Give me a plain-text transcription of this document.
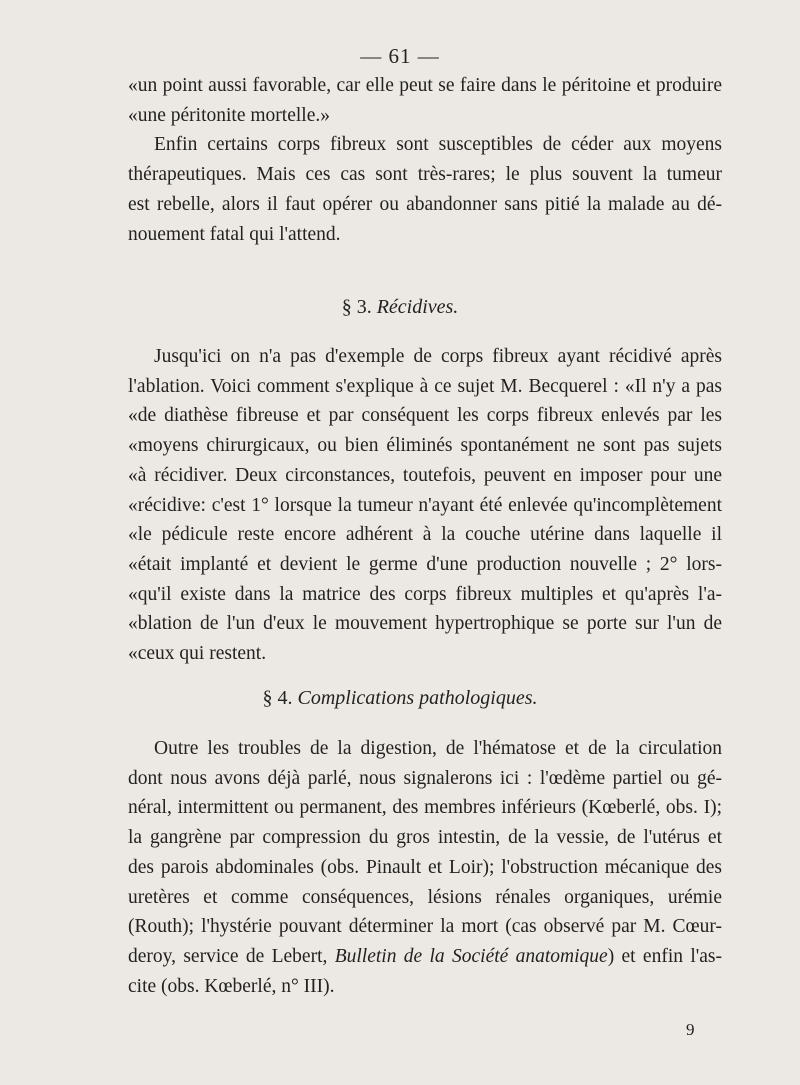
— 61 —

«un point aussi favorable, car elle peut se faire dans le péritoine et produire
«une péritonite mortelle.»

Enfin certains corps fibreux sont susceptibles de céder aux moyens
thérapeutiques. Mais ces cas sont très-rares; le plus souvent la tumeur
est rebelle, alors il faut opérer ou abandonner sans pitié la malade au dé-
nouement fatal qui l'attend.

§ 3. Récidives.

Jusqu'ici on n'a pas d'exemple de corps fibreux ayant récidivé après
l'ablation. Voici comment s'explique à ce sujet M. Becquerel : «Il n'y a pas
«de diathèse fibreuse et par conséquent les corps fibreux enlevés par les
«moyens chirurgicaux, ou bien éliminés spontanément ne sont pas sujets
«à récidiver. Deux circonstances, toutefois, peuvent en imposer pour une
«récidive: c'est 1° lorsque la tumeur n'ayant été enlevée qu'incomplètement
«le pédicule reste encore adhérent à la couche utérine dans laquelle il
«était implanté et devient le germe d'une production nouvelle ; 2° lors-
«qu'il existe dans la matrice des corps fibreux multiples et qu'après l'a-
«blation de l'un d'eux le mouvement hypertrophique se porte sur l'un de
«ceux qui restent.

§ 4. Complications pathologiques.

Outre les troubles de la digestion, de l'hématose et de la circulation
dont nous avons déjà parlé, nous signalerons ici : l'œdème partiel ou gé-
néral, intermittent ou permanent, des membres inférieurs (Kœberlé, obs. I);
la gangrène par compression du gros intestin, de la vessie, de l'utérus et
des parois abdominales (obs. Pinault et Loir); l'obstruction mécanique des
uretères et comme conséquences, lésions rénales organiques, urémie
(Routh); l'hystérie pouvant déterminer la mort (cas observé par M. Cœur-
deroy, service de Lebert, Bulletin de la Société anatomique) et enfin l'as-
cite (obs. Kœberlé, n° III).

9
